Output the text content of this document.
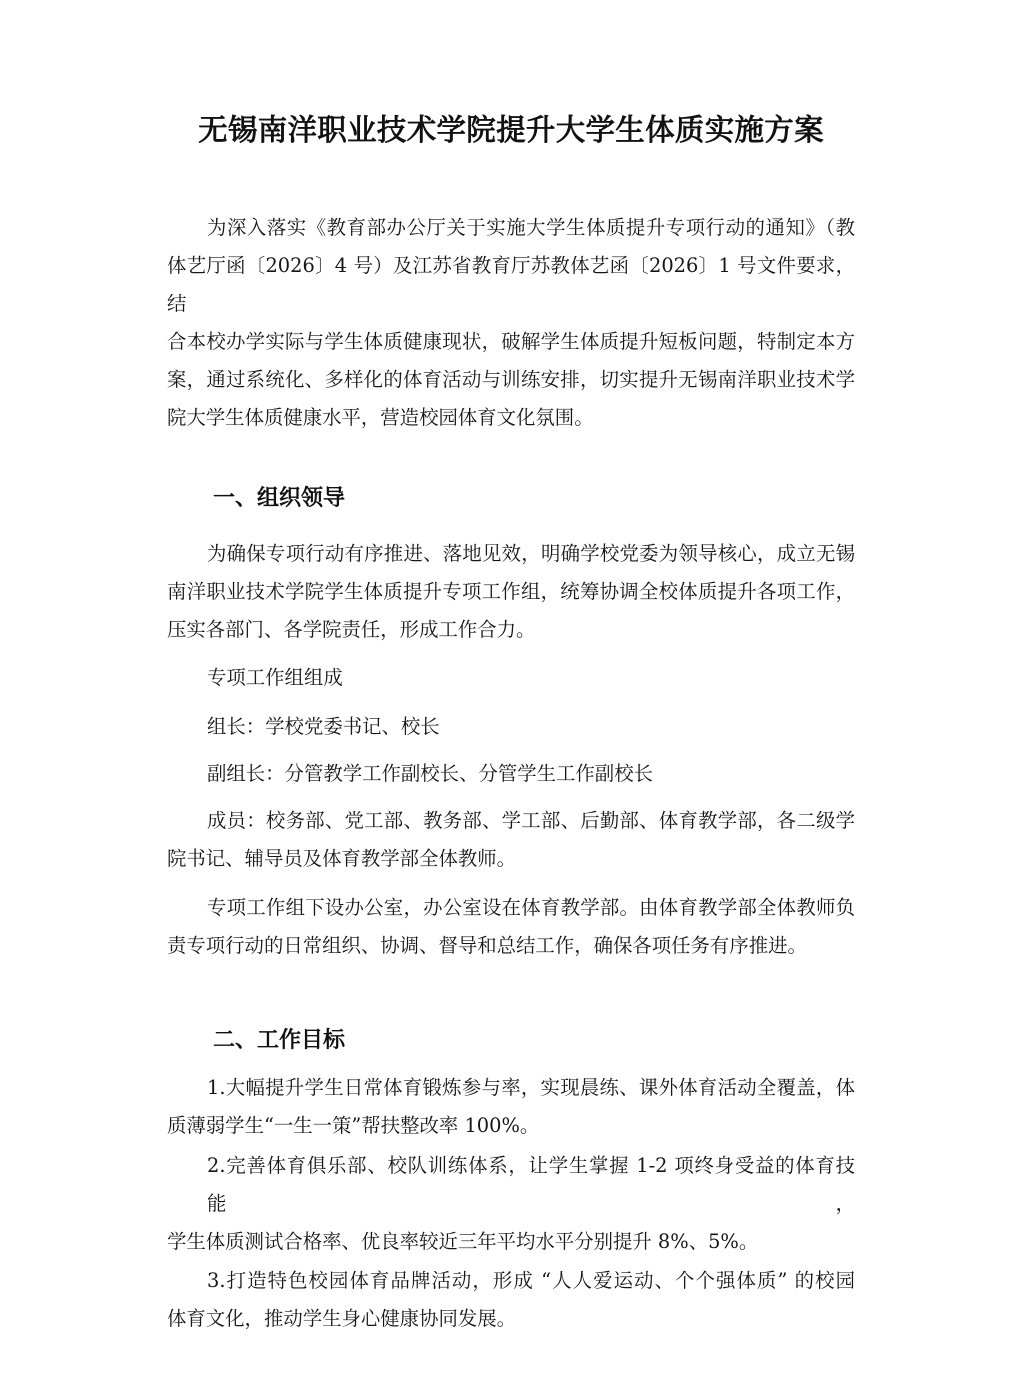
无锡南洋职业技术学院提升大学生体质实施方案
为深入落实《教育部办公厅关于实施大学生体质提升专项行动的通知》（教
体艺厅函〔2026〕4 号）及江苏省教育厅苏教体艺函〔2026〕1 号文件要求，结
合本校办学实际与学生体质健康现状，破解学生体质提升短板问题，特制定本方
案，通过系统化、多样化的体育活动与训练安排，切实提升无锡南洋职业技术学
院大学生体质健康水平，营造校园体育文化氛围。
一、组织领导
为确保专项行动有序推进、落地见效，明确学校党委为领导核心，成立无锡
南洋职业技术学院学生体质提升专项工作组，统筹协调全校体质提升各项工作，
压实各部门、各学院责任，形成工作合力。
专项工作组组成
组长：学校党委书记、校长
副组长：分管教学工作副校长、分管学生工作副校长
成员：校务部、党工部、教务部、学工部、后勤部、体育教学部，各二级学
院书记、辅导员及体育教学部全体教师。
专项工作组下设办公室，办公室设在体育教学部。由体育教学部全体教师负
责专项行动的日常组织、协调、督导和总结工作，确保各项任务有序推进。
二、工作目标
1.大幅提升学生日常体育锻炼参与率，实现晨练、课外体育活动全覆盖，体
质薄弱学生“一生一策”帮扶整改率 100%。
2.完善体育俱乐部、校队训练体系，让学生掌握 1-2 项终身受益的体育技能，
学生体质测试合格率、优良率较近三年平均水平分别提升 8%、5%。
3.打造特色校园体育品牌活动，形成 “人人爱运动、个个强体质” 的校园
体育文化，推动学生身心健康协同发展。
